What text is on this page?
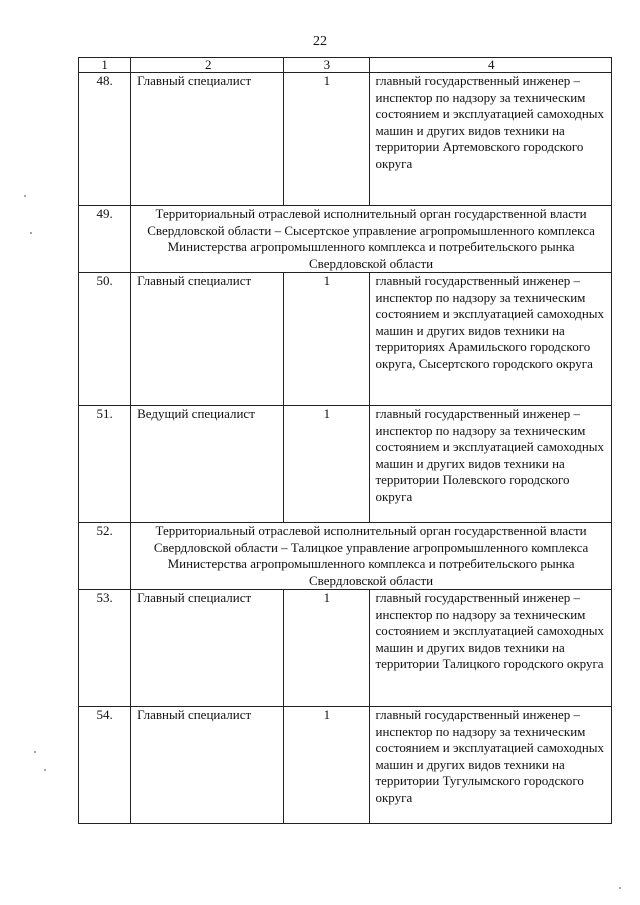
22
1	2	3	4
48.	Главный специалист	1	главный государственный инженер – инспектор по надзору за техническим состоянием и эксплуатацией самоходных машин и других видов техники на территории Артемовского городского округа
49.	Территориальный отраслевой исполнительный орган государственной власти Свердловской области – Сысертское управление агропромышленного комплекса Министерства агропромышленного комплекса и потребительского рынка Свердловской области		
50.	Главный специалист	1	главный государственный инженер – инспектор по надзору за техническим состоянием и эксплуатацией самоходных машин и других видов техники на территориях Арамильского городского округа, Сысертского городского округа
51.	Ведущий специалист	1	главный государственный инженер – инспектор по надзору за техническим состоянием и эксплуатацией самоходных машин и других видов техники на территории Полевского городского округа
52.	Территориальный отраслевой исполнительный орган государственной власти Свердловской области – Талицкое управление агропромышленного комплекса Министерства агропромышленного комплекса и потребительского рынка Свердловской области		
53.	Главный специалист	1	главный государственный инженер – инспектор по надзору за техническим состоянием и эксплуатацией самоходных машин и других видов техники на территории Талицкого городского округа
54.	Главный специалист	1	главный государственный инженер – инспектор по надзору за техническим состоянием и эксплуатацией самоходных машин и других видов техники на территории Тугулымского городского округа
